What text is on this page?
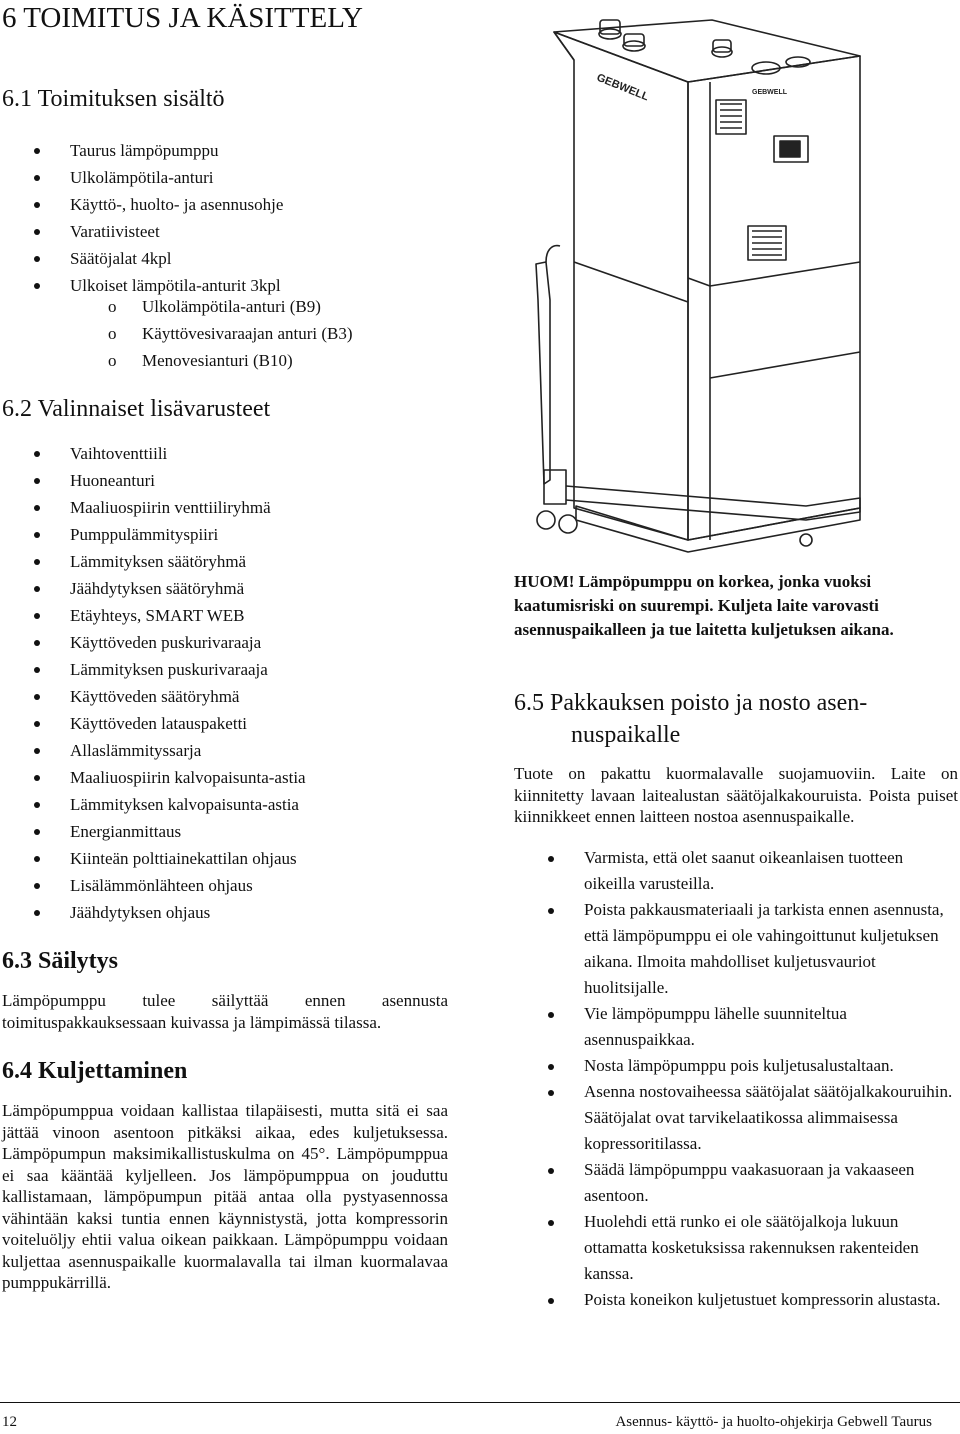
6 TOIMITUS JA KÄSITTELY
6.1 Toimituksen sisältö
Taurus lämpöpumppu
Ulkolämpötila-anturi
Käyttö-, huolto- ja asennusohje
Varatiivisteet
Säätöjalat 4kpl
Ulkoiset lämpötila-anturit 3kpl
o Ulkolämpötila-anturi (B9)
o Käyttövesivaraajan anturi (B3)
o Menovesianturi (B10)
6.2 Valinnaiset lisävarusteet
Vaihtoventtiili
Huoneanturi
Maaliuospiirin venttiiliryhmä
Pumppulämmityspiiri
Lämmityksen säätöryhmä
Jäähdytyksen säätöryhmä
Etäyhteys, SMART WEB
Käyttöveden puskurivaraaja
Lämmityksen puskurivaraaja
Käyttöveden säätöryhmä
Käyttöveden latauspaketti
Allaslämmityssarja
Maaliuospiirin kalvopaisunta-astia
Lämmityksen kalvopaisunta-astia
Energianmittaus
Kiinteän polttiainekattilan ohjaus
Lisälämmönlähteen ohjaus
Jäähdytyksen ohjaus
6.3 Säilytys
Lämpöpumppu tulee säilyttää ennen asennusta toimituspakkauksessaan kuivassa ja lämpimässä tilassa.
6.4 Kuljettaminen
Lämpöpumppua voidaan kallistaa tilapäisesti, mutta sitä ei saa jättää vinoon asentoon pitkäksi aikaa, edes kuljetuksessa. Lämpöpumpun maksimikallistuskulma on 45°. Lämpöpumppua ei saa kääntää kyljelleen. Jos lämpöpumppua on jouduttu kallistamaan, lämpöpumpun pitää antaa olla pystyasennossa vähintään kaksi tuntia ennen käynnistystä, jotta kompressorin voiteluöljy ehtii valua oikean paikkaan. Lämpöpumppu voidaan kuljettaa asennuspaikalle kuormalavalla tai ilman kuormalavaa pumppukärrillä.
GEBWELL	GEBWELL
HUOM! Lämpöpumppu on korkea, jonka vuoksi kaatumisriski on suurempi. Kuljeta laite varovasti asennuspaikalleen ja tue laitetta kuljetuksen aikana.
6.5 Pakkauksen poisto ja nosto asen-
nuspaikalle
Tuote on pakattu kuormalavalle suojamuoviin. Laite on kiinnitetty lavaan laitealustan säätöjalkakouruista. Poista puiset kiinnikkeet ennen laitteen nostoa asennuspaikalle.
Varmista, että olet saanut oikeanlaisen tuotteen oikeilla varusteilla.
Poista pakkausmateriaali ja tarkista ennen asennusta, että lämpöpumppu ei ole vahingoittunut kuljetuksen aikana. Ilmoita mahdolliset kuljetusvauriot huolitsijalle.
Vie lämpöpumppu lähelle suunniteltua asennuspaikkaa.
Nosta lämpöpumppu pois kuljetusalustaltaan.
Asenna nostovaiheessa säätöjalat säätöjalkakouruihin. Säätöjalat ovat tarvikelaatikossa alimmaisessa kopressoritilassa.
Säädä lämpöpumppu vaakasuoraan ja vakaaseen asentoon.
Huolehdi että runko ei ole säätöjalkoja lukuun ottamatta kosketuksissa rakennuksen rakenteiden kanssa.
Poista koneikon kuljetustuet kompressorin alustasta.
12	Asennus- käyttö- ja huolto-ohjekirja Gebwell Taurus
